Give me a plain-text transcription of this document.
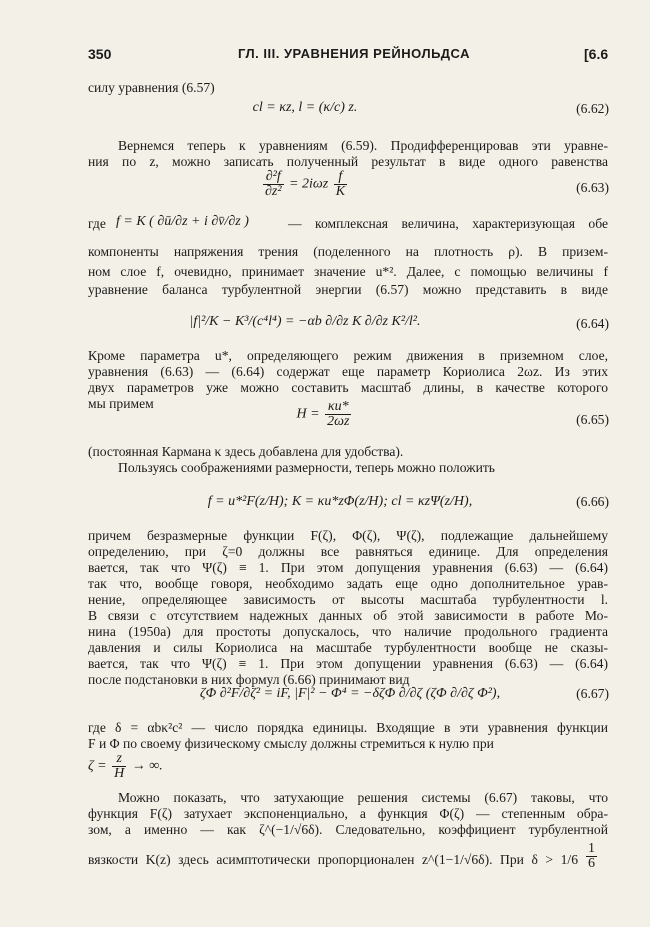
350	ГЛ. III. УРАВНЕНИЯ РЕЙНОЛЬДСА	[6.6
силу уравнения (6.57)
cl = κz, l = (κ/c) z.	(6.62)
Вернемся теперь к уравнениям (6.59). Продифференцировав эти уравне-
ния по z, можно записать полученный результат в виде одного равенства
$\frac{\text{∂²f}}{\text{∂z²}} = 2i\omega z \frac{f}{K}$	(6.63)
где f = K ( ∂ū/∂z + i ∂v̄/∂z )	— комплексная величина, характеризующая обе
компоненты напряжения трения (поделенного на плотность ρ). В призем-
ном слое f, очевидно, принимает значение u*². Далее, с помощью величины f
уравнение баланса турбулентной энергии (6.57) можно представить в виде
|f|²/K − K³/(c⁴l⁴) = −αb ∂/∂z K ∂/∂z K²/l².	(6.64)
Кроме параметра u*, определяющего режим движения в приземном слое,
уравнения (6.63) — (6.64) содержат еще параметр Кориолиса 2ωz. Из этих
двух параметров уже можно составить масштаб длины, в качестве которого
мы примем
$H = \frac{\kappa u*}{2\omega z}$	(6.65)
(постоянная Кармана κ здесь добавлена для удобства).
Пользуясь соображениями размерности, теперь можно положить
f = u*²F(z/H); K = κu*zΦ(z/H); cl = κzΨ(z/H),	(6.66)
причем безразмерные функции F(ζ), Φ(ζ), Ψ(ζ), подлежащие дальнейшему
определению, при ζ=0 должны все равняться единице. Для определения
вается, так что Ψ(ζ) ≡ 1. При этом допущения уравнения (6.63) — (6.64)
так что, вообще говоря, необходимо задать еще одно дополнительное урав-
нение, определяющее зависимость от высоты масштаба турбулентности l.
В связи с отсутствием надежных данных об этой зависимости в работе Мо-
нина (1950a) для простоты допускалось, что наличие продольного градиента
давления и силы Кориолиса на масштабе турбулентности вообще не сказы-
вается, так что Ψ(ζ) ≡ 1. При этом допущении уравнения (6.63) — (6.64)
после подстановки в них формул (6.66) принимают вид
ζΦ ∂²F/∂ζ² = iF, |F|² − Φ⁴ = −δζΦ ∂/∂ζ (ζΦ ∂/∂ζ Φ²),	(6.67)
где δ = αbκ²c² — число порядка единицы. Входящие в эти уравнения функции
F и Φ по своему физическому смыслу должны стремиться к нулю при
$\zeta = \frac{z}{H}$ → ∞.
Можно показать, что затухающие решения системы (6.67) таковы, что
функция F(ζ) затухает экспоненциально, а функция Φ(ζ) — степенным обра-
зом, а именно — как ζ^(−1/√6δ). Следовательно, коэффициент турбулентной
вязкости K(z) здесь асимптотически пропорционален z^(1−1/√6δ). При $\delta > 1/6 \frac{1}{6}$
